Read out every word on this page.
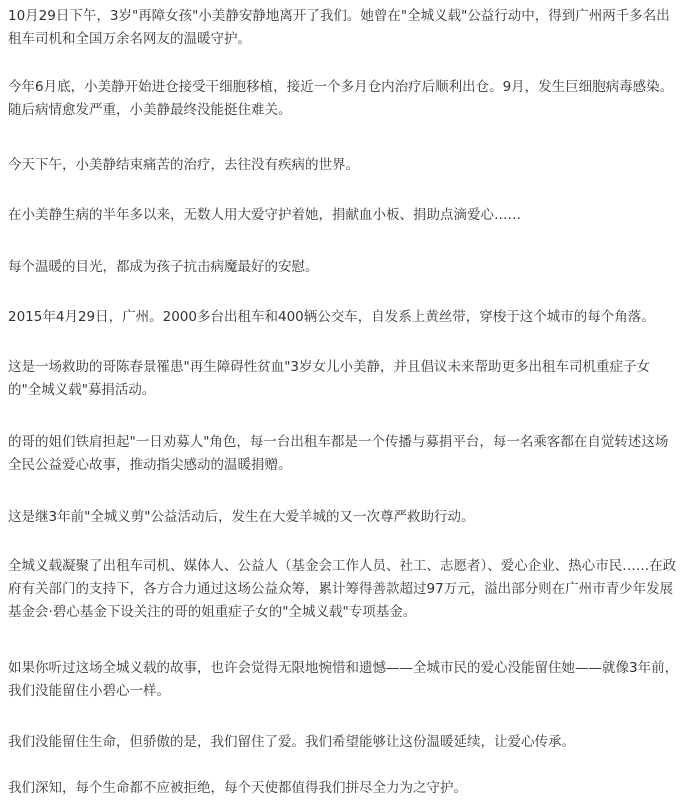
10月29日下午，3岁"再障女孩"小美静安静地离开了我们。她曾在"全城义载"公益行动中，得到广州两千多名出租车司机和全国万余名网友的温暖守护。

今年6月底，小美静开始进仓接受干细胞移植，接近一个多月仓内治疗后顺利出仓。9月，发生巨细胞病毒感染。随后病情愈发严重，小美静最终没能挺住难关。

今天下午，小美静结束痛苦的治疗，去往没有疾病的世界。

在小美静生病的半年多以来，无数人用大爱守护着她，捐献血小板、捐助点滴爱心……

每个温暖的目光，都成为孩子抗击病魔最好的安慰。

2015年4月29日，广州。2000多台出租车和400辆公交车，自发系上黄丝带，穿梭于这个城市的每个角落。

这是一场救助的哥陈春景罹患"再生障碍性贫血"3岁女儿小美静，并且倡议未来帮助更多出租车司机重症子女的"全城义载"募捐活动。

的哥的姐们铁肩担起"一日劝募人"角色，每一台出租车都是一个传播与募捐平台，每一名乘客都在自觉转述这场全民公益爱心故事，推动指尖感动的温暖捐赠。

这是继3年前"全城义剪"公益活动后，发生在大爱羊城的又一次尊严救助行动。

全城义载凝聚了出租车司机、媒体人、公益人（基金会工作人员、社工、志愿者）、爱心企业、热心市民……在政府有关部门的支持下，各方合力通过这场公益众筹，累计筹得善款超过97万元，溢出部分则在广州市青少年发展基金会·碧心基金下设关注的哥的姐重症子女的"全城义载"专项基金。

如果你听过这场全城义载的故事，也许会觉得无限地惋惜和遗憾——全城市民的爱心没能留住她——就像3年前，我们没能留住小碧心一样。

我们没能留住生命，但骄傲的是，我们留住了爱。我们希望能够让这份温暖延续，让爱心传承。

我们深知，每个生命都不应被拒绝，每个天使都值得我们拼尽全力为之守护。
